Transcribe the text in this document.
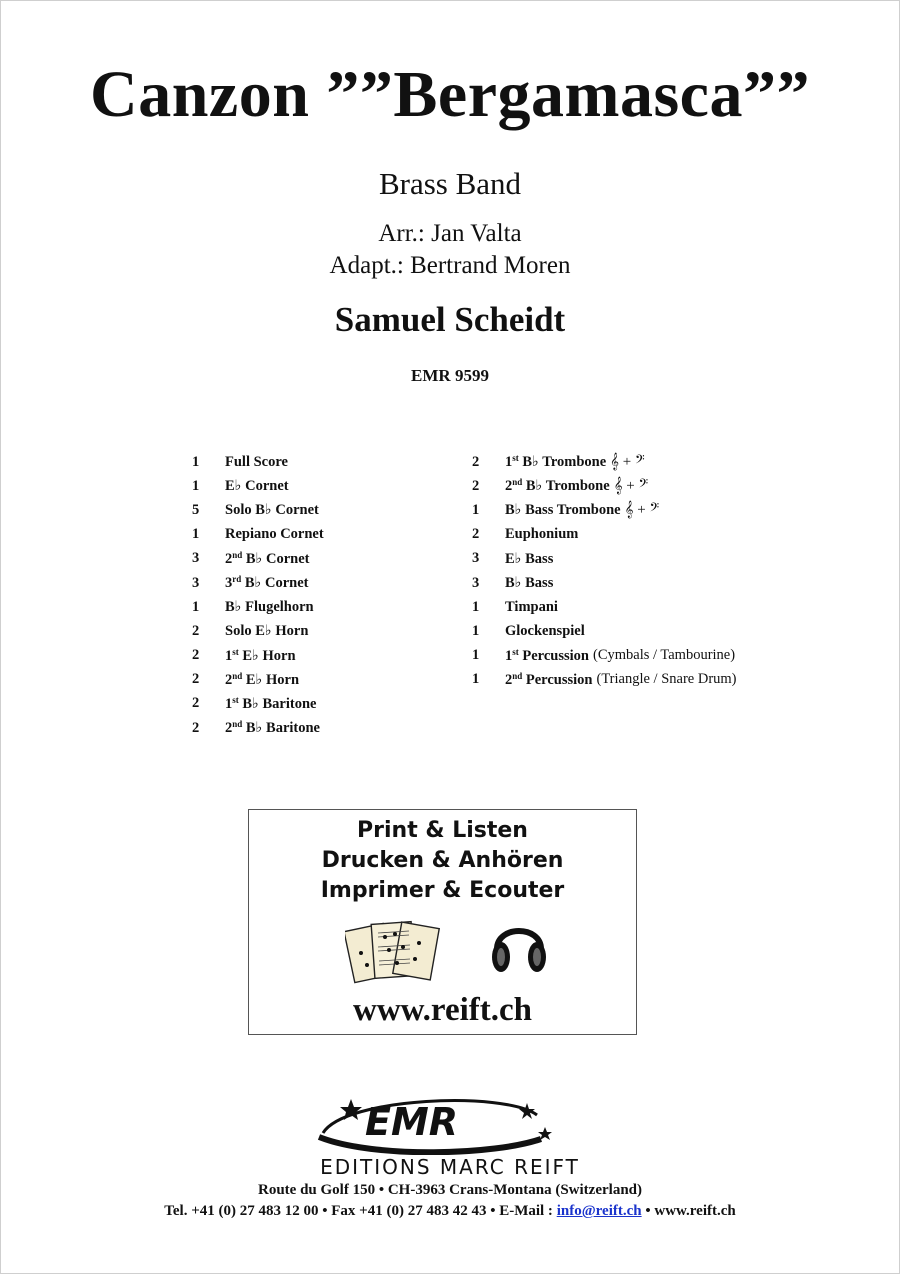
Canzon ””Bergamasca””
Brass Band
Arr.: Jan Valta
Adapt.: Bertrand Moren
Samuel Scheidt
EMR 9599
1	Full Score
1	E♭ Cornet
5	Solo B♭ Cornet
1	Repiano Cornet
3	2nd B♭ Cornet
3	3rd B♭ Cornet
1	B♭ Flugelhorn
2	Solo E♭ Horn
2	1st E♭ Horn
2	2nd E♭ Horn
2	1st B♭ Baritone
2	2nd B♭ Baritone
2	1st B♭ Trombone 𝄞 + 𝄢
2	2nd B♭ Trombone 𝄞 + 𝄢
1	B♭ Bass Trombone 𝄞 + 𝄢
2	Euphonium
3	E♭ Bass
3	B♭ Bass
1	Timpani
1	Glockenspiel
1	1st Percussion (Cymbals / Tambourine)
1	2nd Percussion (Triangle / Snare Drum)
Print & Listen
Drucken & Anhören
Imprimer & Ecouter
www.reift.ch
EMR
EDITIONS MARC REIFT
Route du Golf 150 • CH-3963 Crans-Montana (Switzerland)
Tel. +41 (0) 27 483 12 00 • Fax +41 (0) 27 483 42 43 • E-Mail : info@reift.ch • www.reift.ch
